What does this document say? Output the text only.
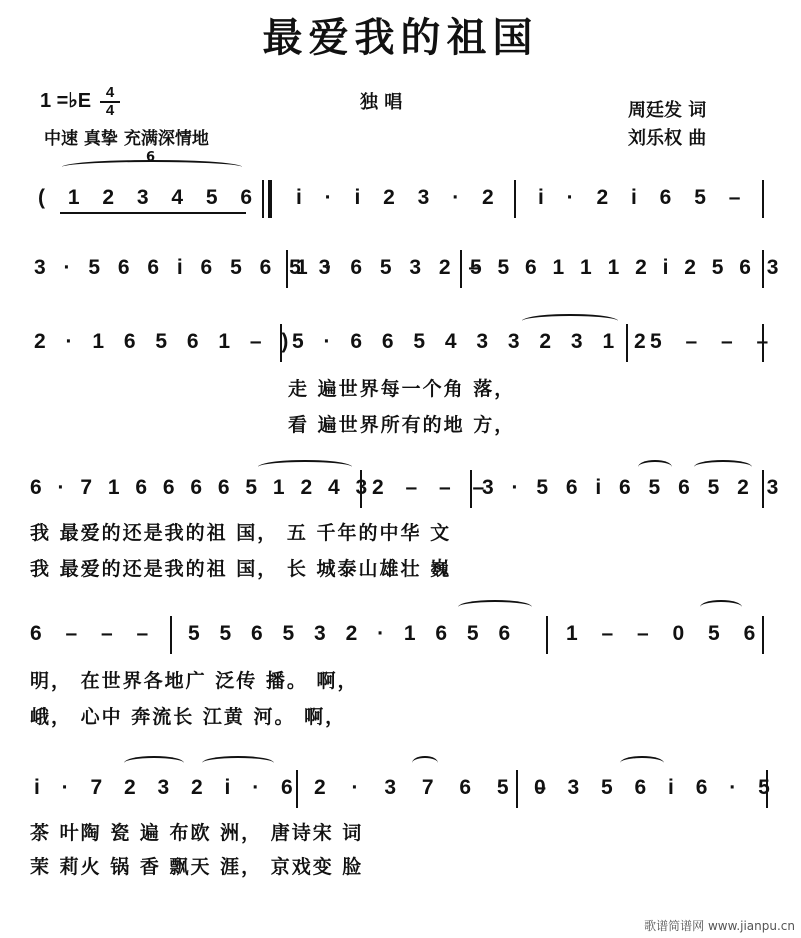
最爱我的祖国
1 =♭E 4
4	独 唱
中速 真挚 充满深情地
周廷发 词
刘乐权 曲
6
( 1 2 3 4 5 6 i · i 2 3 · 2 i · 2 i 6 5 –
3 · 5 6 6 i 6 5 6 5 3
1 · 6 5 3 2 –
5 5 6 1 1 1 2 i 2 5 6 3
2 · 1 6 5 6 1 – )
5 · 6 6 5 4 3 3 2 3 1 2
5 – – –
走 遍世界每一个角 落，
看 遍世界所有的地 方，
6 · 7 1 6 6 6 6 5 1 2 4 3 2 – – –
3 · 5 6 i 6 5 6 5 2 3
我 最爱的还是我的祖 国， 五 千年的中华 文
我 最爱的还是我的祖 国， 长 城泰山雄壮 巍
6 – – – 5 5 6 5 3 2 · 1 6 5 6 1 – – 0 5 6
明， 在世界各地广 泛传 播。 啊，
峨， 心中 奔流长 江黄 河。 啊，
i · 7 2 3 2 i · 6 2 · 3 7 6 5 –
0 3 5 6 i 6 · 5
茶 叶陶 瓷 遍 布欧 洲， 唐诗宋 词
茉 莉火 锅 香 飘天 涯， 京戏变 脸
歌谱简谱网 www.jianpu.cn
